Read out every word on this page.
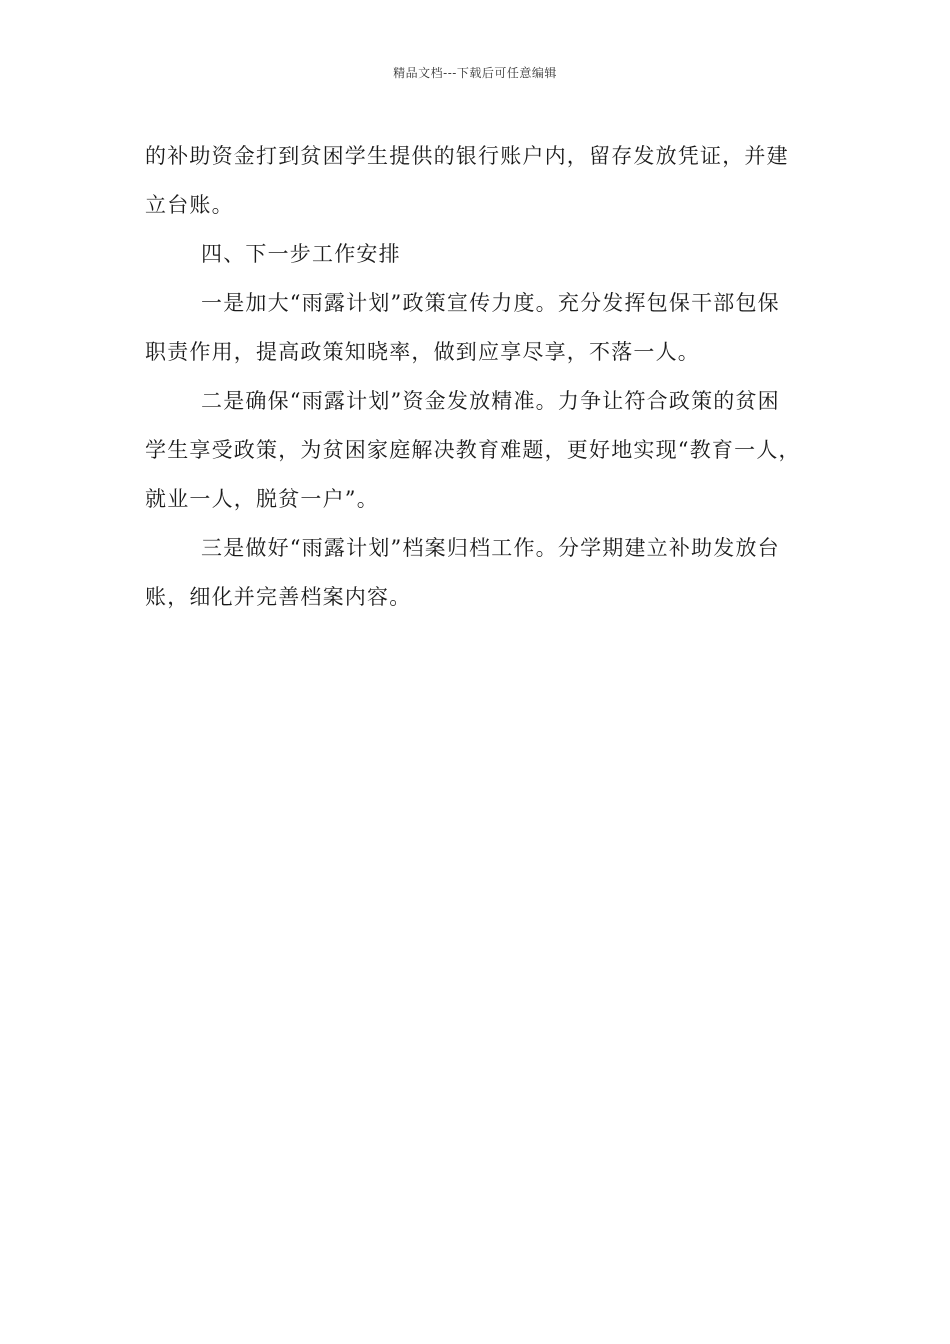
精品文档---下载后可任意编辑

的补助资金打到贫困学生提供的银行账户内，留存发放凭证，并建
立台账。

四、下一步工作安排

一是加大“雨露计划”政策宣传力度。充分发挥包保干部包保
职责作用，提高政策知晓率，做到应享尽享，不落一人。

二是确保“雨露计划”资金发放精准。力争让符合政策的贫困
学生享受政策，为贫困家庭解决教育难题，更好地实现“教育一人，
就业一人，脱贫一户”。

三是做好“雨露计划”档案归档工作。分学期建立补助发放台
账，细化并完善档案内容。
